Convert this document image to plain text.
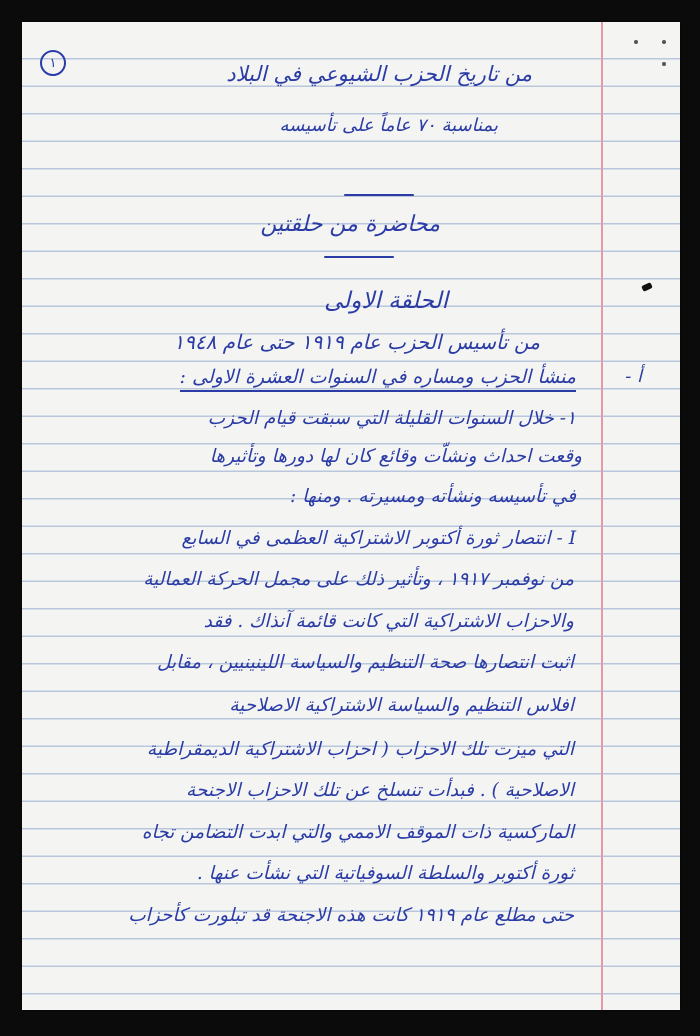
١	من تاريخ الحزب الشيوعي في البلاد
بمناسبة ٧٠ عاماً على تأسيسه
محاضرة من حلقتين
الحلقة الاولى
من تأسيس الحزب عام ١٩١٩ حتى عام ١٩٤٨
أ -
منشأ الحزب ومساره في السنوات العشرة الاولى :
١- خلال السنوات القليلة التي سبقت قيام الحزب
وقعت احداث ونشاّت وقائع كان لها دورها وتأثيرها
في تأسيسه ونشأته ومسيرته . ومنها :
I - انتصار ثورة أكتوبر الاشتراكية العظمى في السابع
من نوفمبر ١٩١٧ ، وتأثير ذلك على مجمل الحركة العمالية
والاحزاب الاشتراكية التي كانت قائمة آنذاك . فقد
اثبت انتصارها صحة التنظيم والسياسة اللينينيين ، مقابل
افلاس التنظيم والسياسة الاشتراكية الاصلاحية
التي ميزت تلك الاحزاب ( احزاب الاشتراكية الديمقراطية
الاصلاحية ) . فبدأت تنسلخ عن تلك الاحزاب الاجنحة
الماركسية ذات الموقف الاممي والتي ابدت التضامن تجاه
ثورة أكتوبر والسلطة السوفياتية التي نشأت عنها .
حتى مطلع عام ١٩١٩ كانت هذه الاجنحة قد تبلورت كأحزاب
